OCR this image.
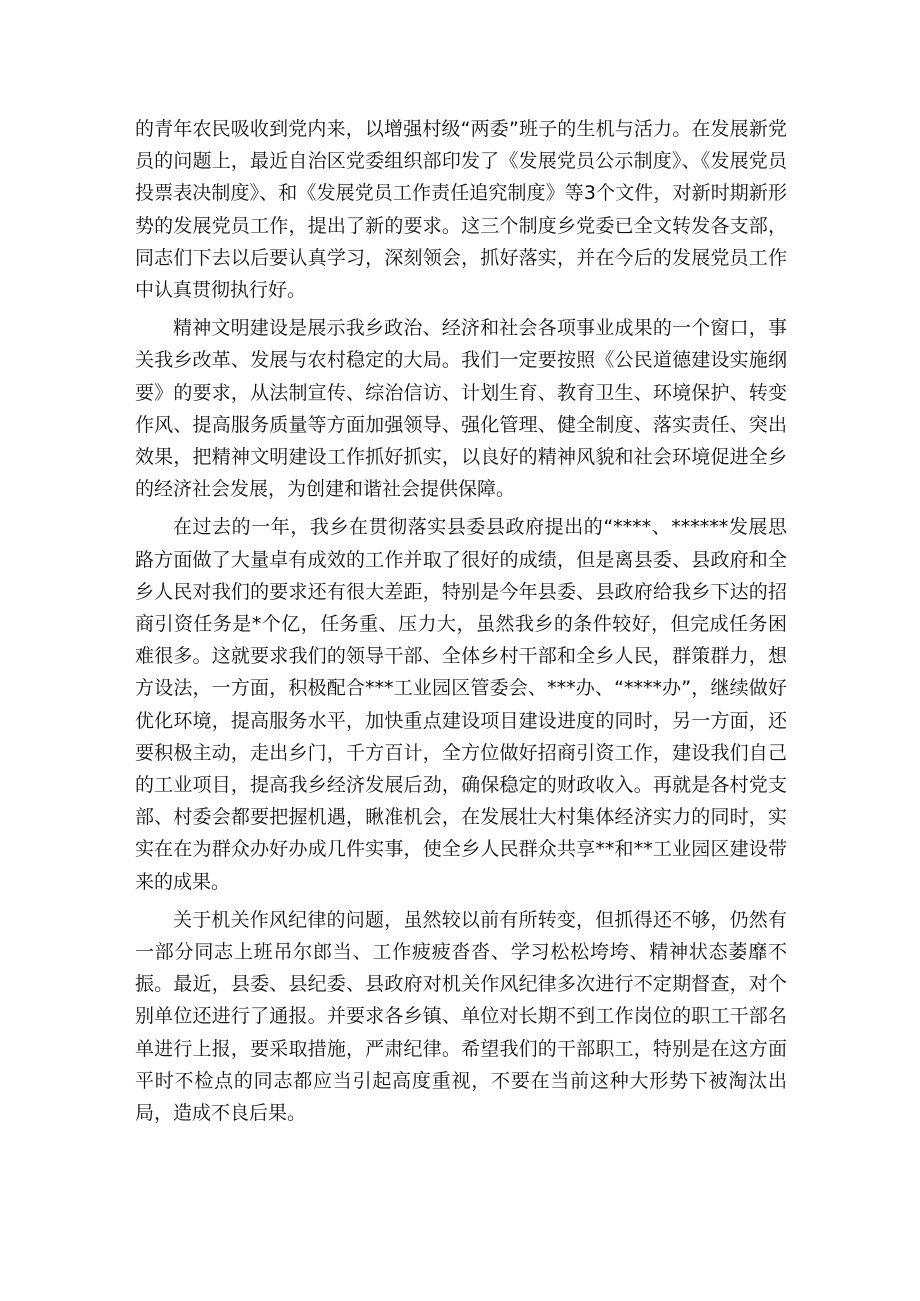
的青年农民吸收到党内来，以增强村级“两委”班子的生机与活力。在发展新党员的问题上，最近自治区党委组织部印发了《发展党员公示制度》、《发展党员投票表决制度》、和《发展党员工作责任追究制度》等3个文件，对新时期新形势的发展党员工作，提出了新的要求。这三个制度乡党委已全文转发各支部，同志们下去以后要认真学习，深刻领会，抓好落实，并在今后的发展党员工作中认真贯彻执行好。

精神文明建设是展示我乡政治、经济和社会各项事业成果的一个窗口，事关我乡改革、发展与农村稳定的大局。我们一定要按照《公民道德建设实施纲要》的要求，从法制宣传、综治信访、计划生育、教育卫生、环境保护、转变作风、提高服务质量等方面加强领导、强化管理、健全制度、落实责任、突出效果，把精神文明建设工作抓好抓实，以良好的精神风貌和社会环境促进全乡的经济社会发展，为创建和谐社会提供保障。

在过去的一年，我乡在贯彻落实县委县政府提出的“****、******发展思路方面做了大量卓有成效的工作并取了很好的成绩，但是离县委、县政府和全乡人民对我们的要求还有很大差距，特别是今年县委、县政府给我乡下达的招商引资任务是*个亿，任务重、压力大，虽然我乡的条件较好，但完成任务困难很多。这就要求我们的领导干部、全体乡村干部和全乡人民，群策群力，想方设法，一方面，积极配合***工业园区管委会、***办、“****办”，继续做好优化环境，提高服务水平，加快重点建设项目建设进度的同时，另一方面，还要积极主动，走出乡门，千方百计，全方位做好招商引资工作，建设我们自己的工业项目，提高我乡经济发展后劲，确保稳定的财政收入。再就是各村党支部、村委会都要把握机遇，瞅准机会，在发展壮大村集体经济实力的同时，实实在在为群众办好办成几件实事，使全乡人民群众共享**和**工业园区建设带来的成果。

关于机关作风纪律的问题，虽然较以前有所转变，但抓得还不够，仍然有一部分同志上班吊尔郎当、工作疲疲沓沓、学习松松垮垮、精神状态萎靡不振。最近，县委、县纪委、县政府对机关作风纪律多次进行不定期督查，对个别单位还进行了通报。并要求各乡镇、单位对长期不到工作岗位的职工干部名单进行上报，要采取措施，严肃纪律。希望我们的干部职工，特别是在这方面平时不检点的同志都应当引起高度重视，不要在当前这种大形势下被淘汰出局，造成不良后果。
